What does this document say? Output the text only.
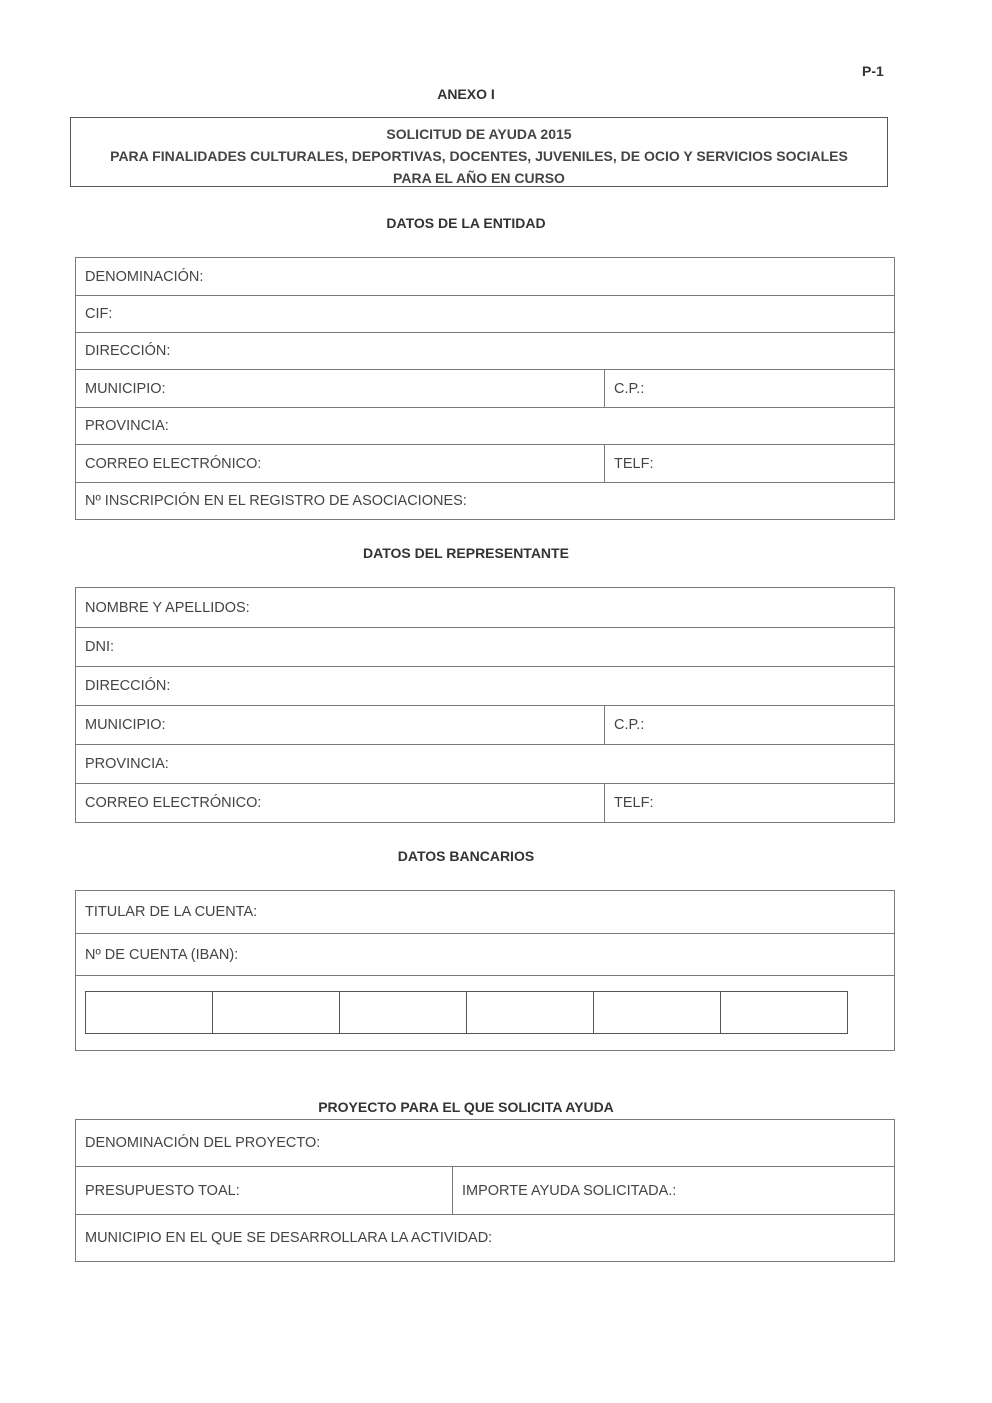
P-1
ANEXO I
SOLICITUD DE AYUDA 2015
PARA FINALIDADES CULTURALES, DEPORTIVAS, DOCENTES, JUVENILES, DE OCIO Y SERVICIOS SOCIALES
PARA EL AÑO EN CURSO
DATOS DE LA ENTIDAD
DENOMINACIÓN:	
CIF:	
DIRECCIÓN:	
MUNICIPIO:	C.P.:
PROVINCIA:	
CORREO ELECTRÓNICO:	TELF:
Nº INSCRIPCIÓN EN EL REGISTRO DE ASOCIACIONES:	
DATOS DEL REPRESENTANTE
NOMBRE Y APELLIDOS:	
DNI:	
DIRECCIÓN:	
MUNICIPIO:	C.P.:
PROVINCIA:	
CORREO ELECTRÓNICO:	TELF:
DATOS BANCARIOS
TITULAR DE LA CUENTA:
Nº DE CUENTA (IBAN):

PROYECTO PARA EL QUE SOLICITA AYUDA
DENOMINACIÓN DEL PROYECTO:
PRESUPUESTO TOAL:	IMPORTE AYUDA SOLICITADA.:
MUNICIPIO EN EL QUE SE DESARROLLARA LA ACTIVIDAD:
